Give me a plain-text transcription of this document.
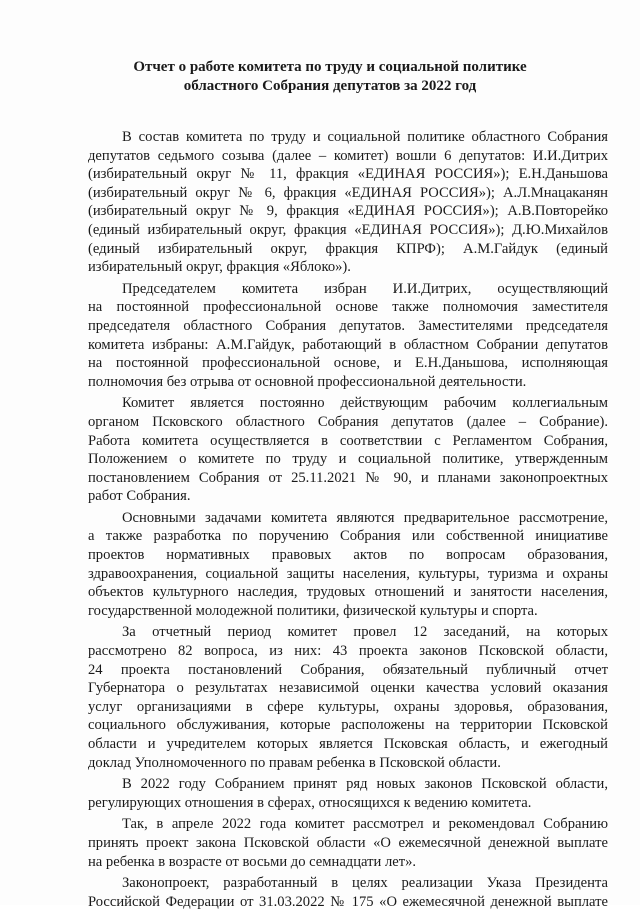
Отчет о работе комитета по труду и социальной политике
областного Собрания депутатов за 2022 год
В состав комитета по труду и социальной политике областного Собрания
депутатов седьмого созыва (далее – комитет) вошли 6 депутатов: И.И.Дитрих
(избирательный округ № 11, фракция «ЕДИНАЯ РОССИЯ»); Е.Н.Даньшова
(избирательный округ № 6, фракция «ЕДИНАЯ РОССИЯ»); А.Л.Мнацаканян
(избирательный округ № 9, фракция «ЕДИНАЯ РОССИЯ»); А.В.Повторейко
(единый избирательный округ, фракция «ЕДИНАЯ РОССИЯ»); Д.Ю.Михайлов
(единый избирательный округ, фракция КПРФ); А.М.Гайдук (единый
избирательный округ, фракция «Яблоко»).
Председателем комитета избран И.И.Дитрих, осуществляющий
на постоянной профессиональной основе также полномочия заместителя
председателя областного Собрания депутатов. Заместителями председателя
комитета избраны: А.М.Гайдук, работающий в областном Собрании депутатов
на постоянной профессиональной основе, и Е.Н.Даньшова, исполняющая
полномочия без отрыва от основной профессиональной деятельности.
Комитет является постоянно действующим рабочим коллегиальным
органом Псковского областного Собрания депутатов (далее – Собрание).
Работа комитета осуществляется в соответствии с Регламентом Собрания,
Положением о комитете по труду и социальной политике, утвержденным
постановлением Собрания от 25.11.2021 № 90, и планами законопроектных
работ Собрания.
Основными задачами комитета являются предварительное рассмотрение,
а также разработка по поручению Собрания или собственной инициативе
проектов нормативных правовых актов по вопросам образования,
здравоохранения, социальной защиты населения, культуры, туризма и охраны
объектов культурного наследия, трудовых отношений и занятости населения,
государственной молодежной политики, физической культуры и спорта.
За отчетный период комитет провел 12 заседаний, на которых
рассмотрено 82 вопроса, из них: 43 проекта законов Псковской области,
24 проекта постановлений Собрания, обязательный публичный отчет
Губернатора о результатах независимой оценки качества условий оказания
услуг организациями в сфере культуры, охраны здоровья, образования,
социального обслуживания, которые расположены на территории Псковской
области и учредителем которых является Псковская область, и ежегодный
доклад Уполномоченного по правам ребенка в Псковской области.
В 2022 году Собранием принят ряд новых законов Псковской области,
регулирующих отношения в сферах, относящихся к ведению комитета.
Так, в апреле 2022 года комитет рассмотрел и рекомендовал Собранию
принять проект закона Псковской области «О ежемесячной денежной выплате
на ребенка в возрасте от восьми до семнадцати лет».
Законопроект, разработанный в целях реализации Указа Президента
Российской Федерации от 31.03.2022 № 175 «О ежемесячной денежной выплате
